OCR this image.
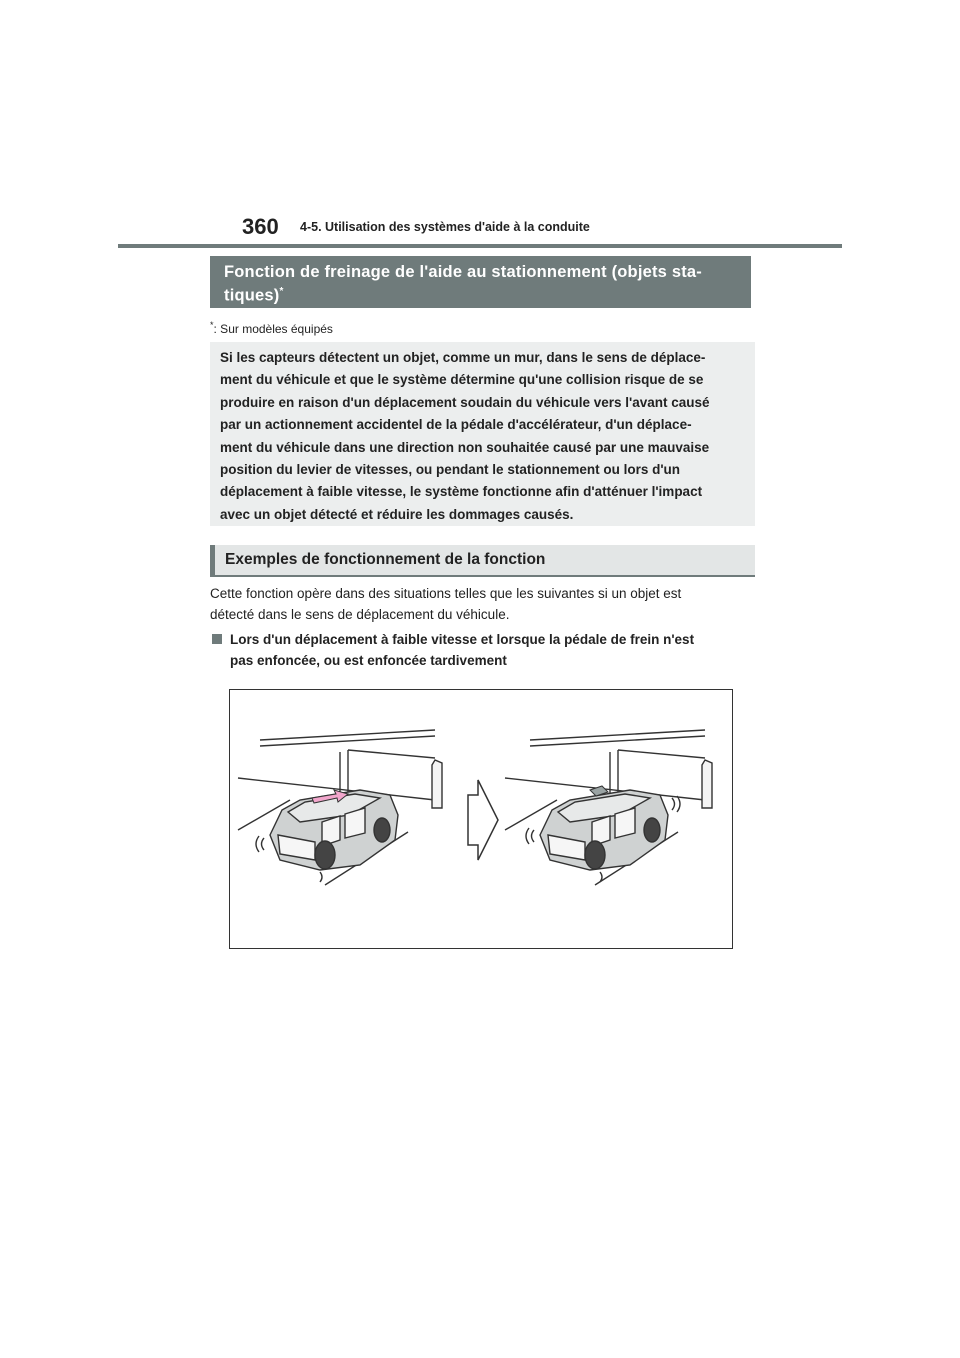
360 4-5. Utilisation des systèmes d'aide à la conduite
Fonction de freinage de l'aide au stationnement (objets sta-
tiques)*
*: Sur modèles équipés
Si les capteurs détectent un objet, comme un mur, dans le sens de déplace-
ment du véhicule et que le système détermine qu'une collision risque de se
produire en raison d'un déplacement soudain du véhicule vers l'avant causé
par un actionnement accidentel de la pédale d'accélérateur, d'un déplace-
ment du véhicule dans une direction non souhaitée causé par une mauvaise
position du levier de vitesses, ou pendant le stationnement ou lors d'un
déplacement à faible vitesse, le système fonctionne afin d'atténuer l'impact
avec un objet détecté et réduire les dommages causés.
Exemples de fonctionnement de la fonction
Cette fonction opère dans des situations telles que les suivantes si un objet est
détecté dans le sens de déplacement du véhicule.
Lors d'un déplacement à faible vitesse et lorsque la pédale de frein n'est
pas enfoncée, ou est enfoncée tardivement
